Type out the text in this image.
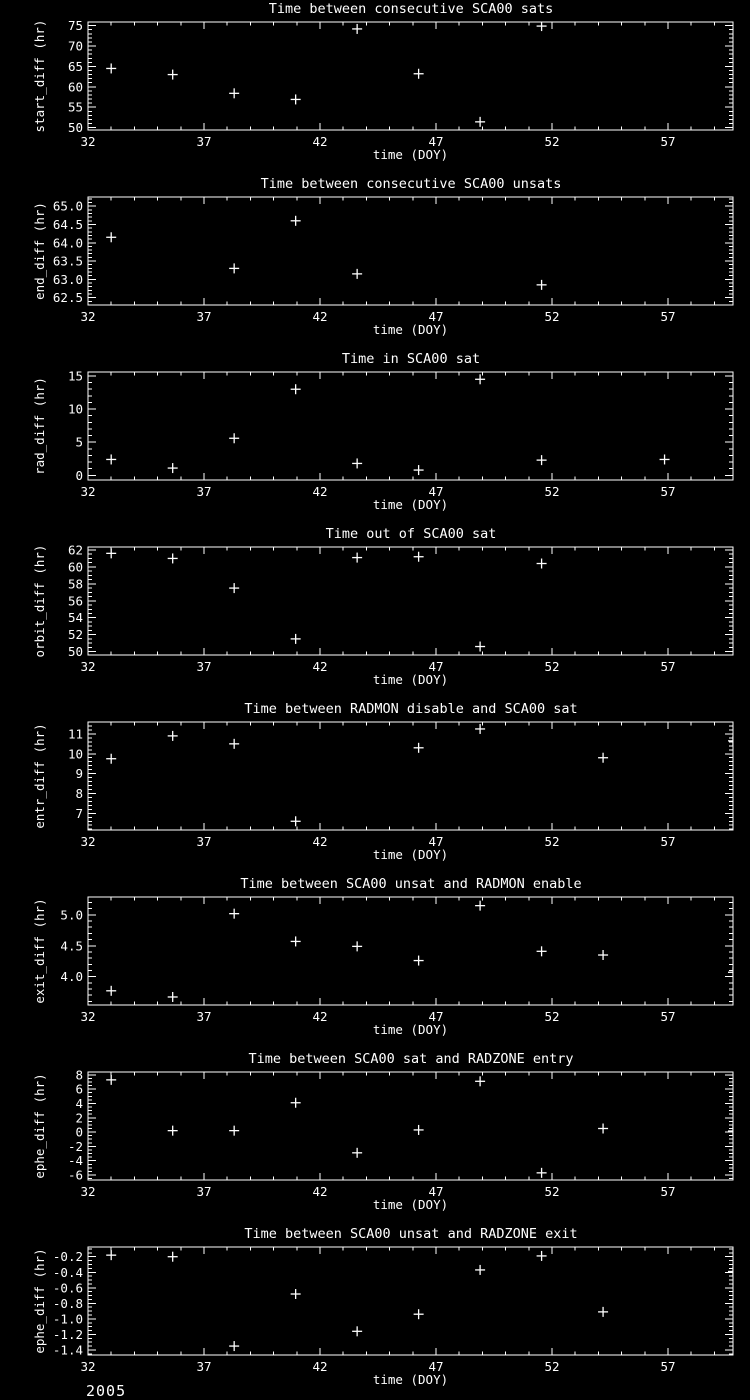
32	37	42	47	52	57
50
55
60
65
70
75
Time between consecutive SCA00 sats
time (DOY)
start_diff (hr)
32	37	42	47	52	57
62.5
63.0
63.5
64.0
64.5
65.0
Time between consecutive SCA00 unsats
time (DOY)
end_diff (hr)
32	37	42	47	52	57
0
5
10
15
Time in SCA00 sat
time (DOY)
rad_diff (hr)
32	37	42	47	52	57
50
52
54
56
58
60
62
Time out of SCA00 sat
time (DOY)
orbit_diff (hr)
32	37	42	47	52	57
7
8
9
10
11
Time between RADMON disable and SCA00 sat
time (DOY)
entr_diff (hr)
32	37	42	47	52	57
4.0
4.5
5.0
Time between SCA00 unsat and RADMON enable
time (DOY)
exit_diff (hr)
32	37	42	47	52	57
-6
-4
-2
0
2
4
6
8
Time between SCA00 sat and RADZONE entry
time (DOY)
ephe_diff (hr)
32	37	42	47	52	57
-1.4
-1.2
-1.0
-0.8
-0.6
-0.4
-0.2
Time between SCA00 unsat and RADZONE exit
time (DOY)
ephe_diff (hr)
2005
